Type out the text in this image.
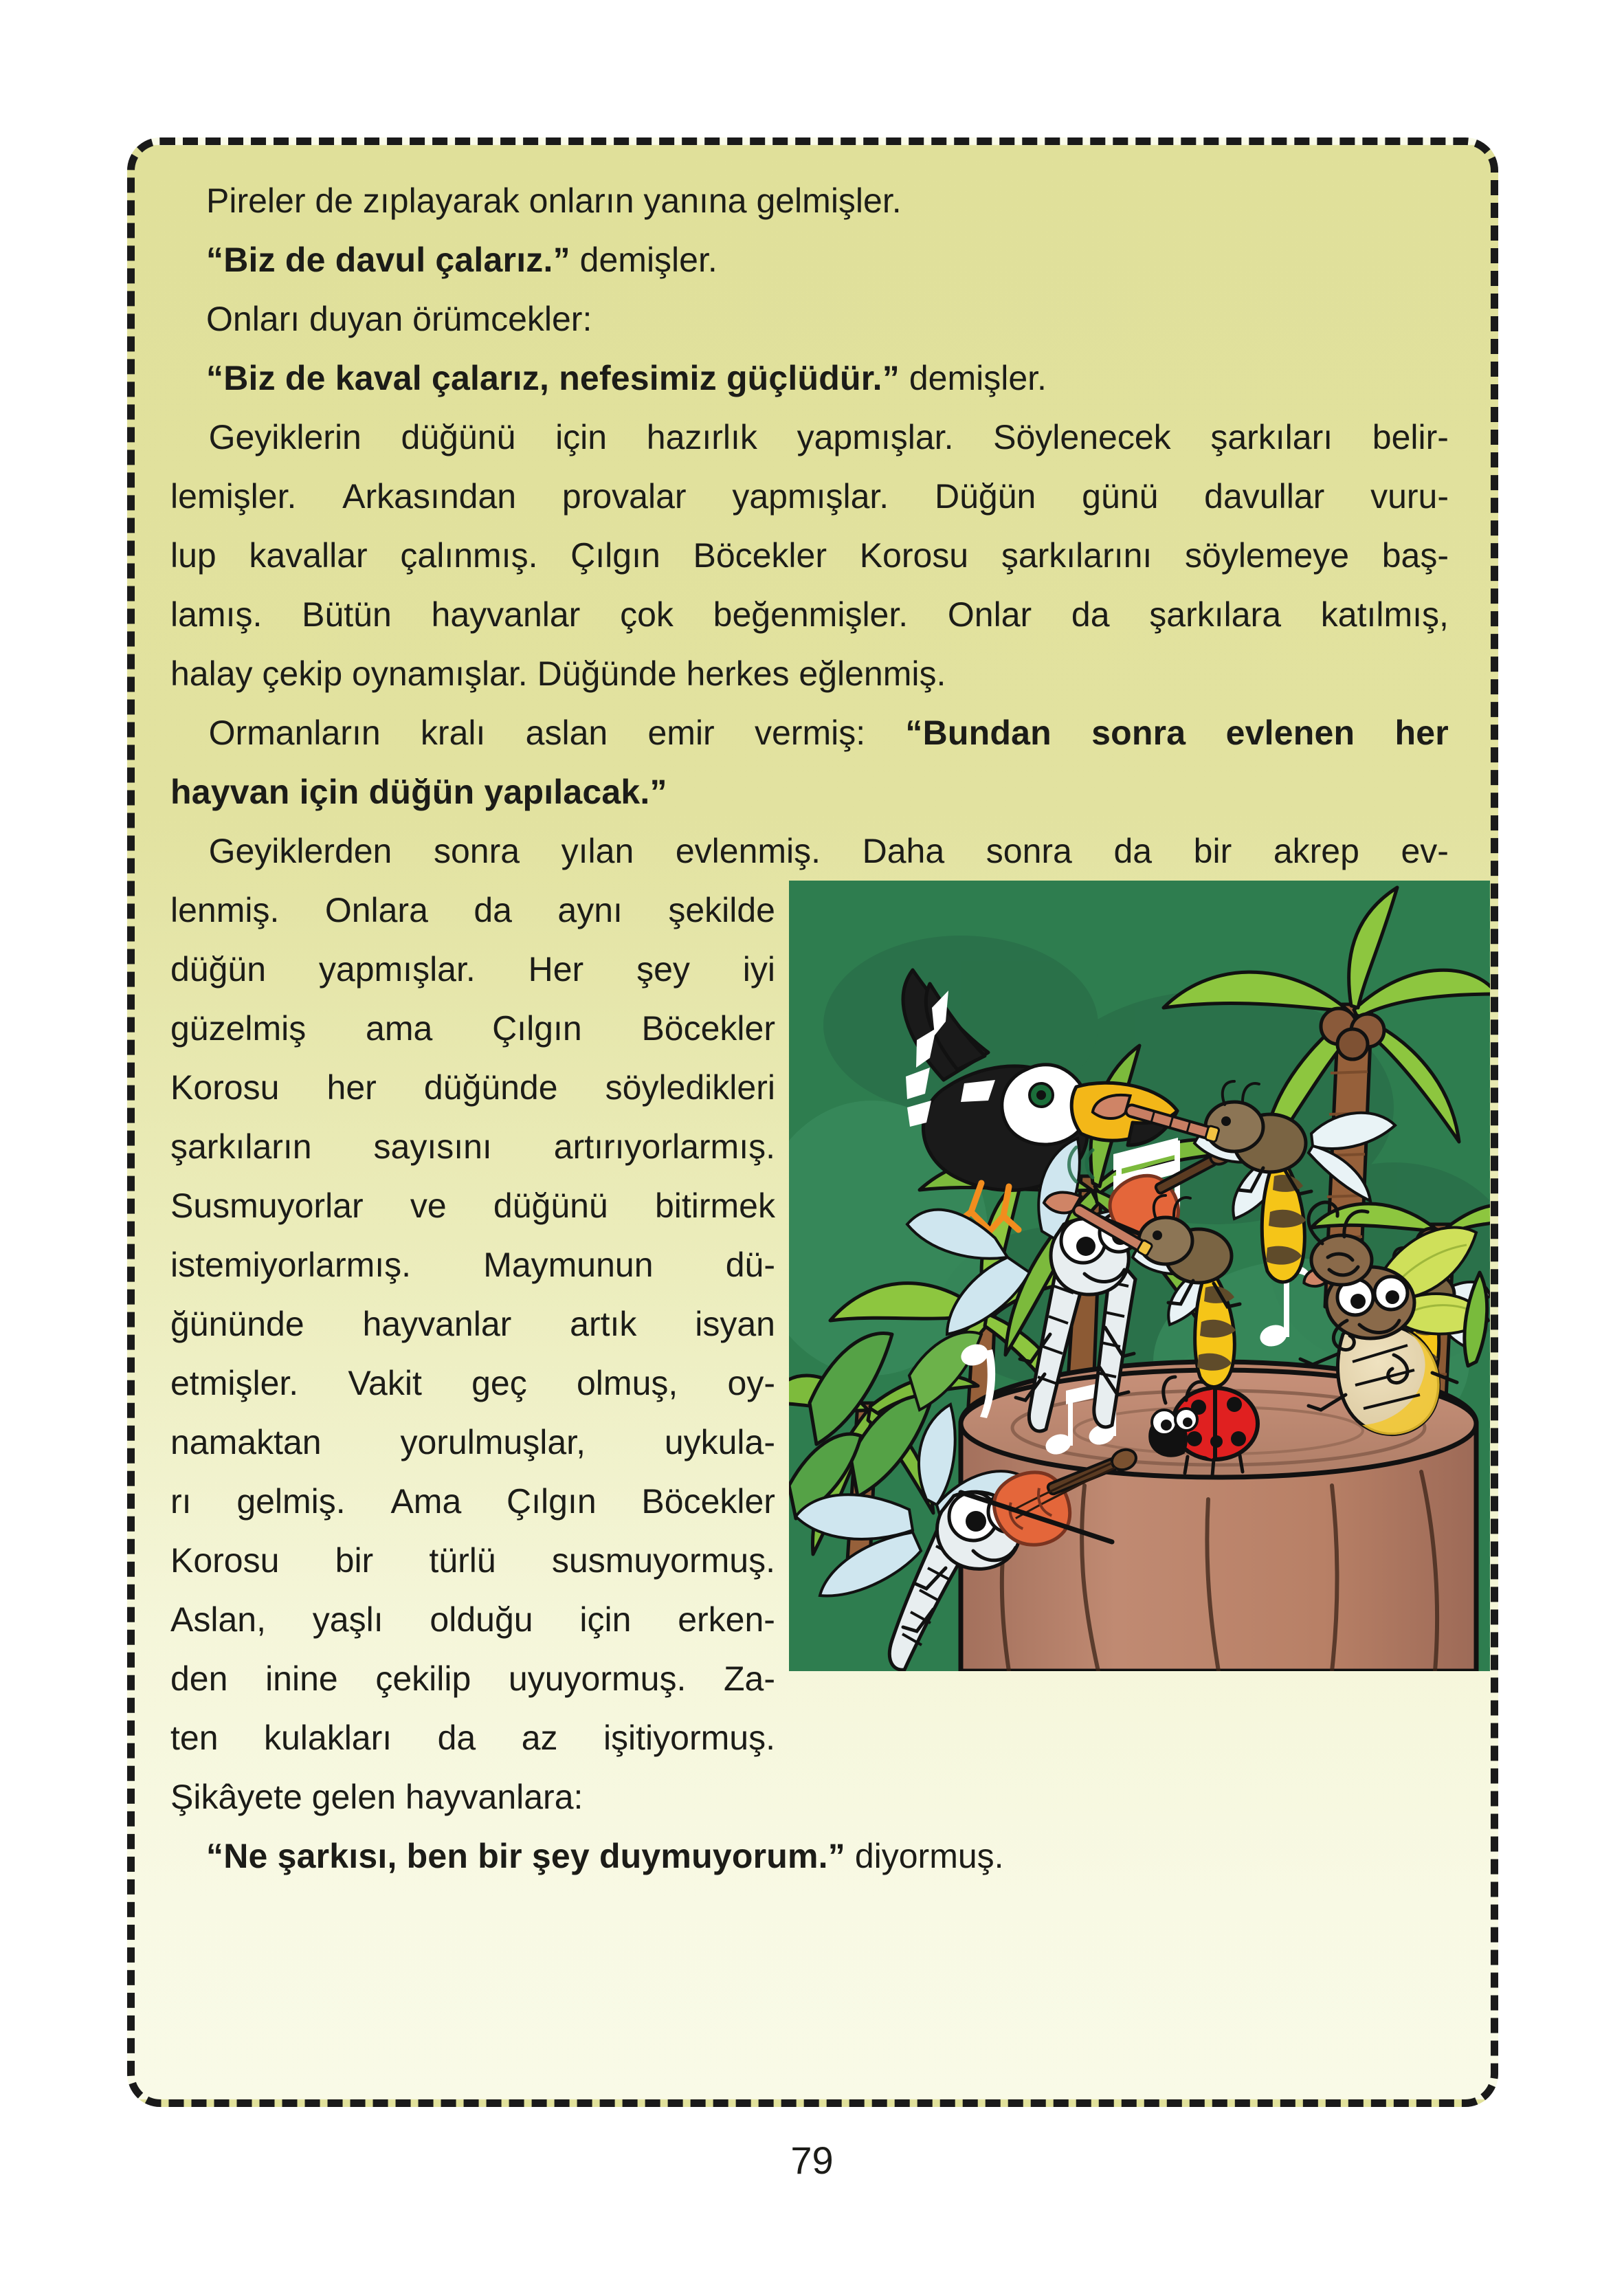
Pireler de zıplayarak onların yanına gelmişler.
“Biz de davul çalarız.” demişler.
Onları duyan örümcekler:
“Biz de kaval çalarız, nefesimiz güçlüdür.” demişler.
Geyiklerin düğünü için hazırlık yapmışlar. Söylenecek şarkıları belir-
lemişler. Arkasından provalar yapmışlar. Düğün günü davullar vuru-
lup kavallar çalınmış. Çılgın Böcekler Korosu şarkılarını söylemeye baş-
lamış. Bütün hayvanlar çok beğenmişler. Onlar da şarkılara katılmış,
halay çekip oynamışlar. Düğünde herkes eğlenmiş.
Ormanların kralı aslan emir vermiş: “Bundan sonra evlenen her
hayvan için düğün yapılacak.”
Geyiklerden sonra yılan evlenmiş. Daha sonra da bir akrep ev-
lenmiş. Onlara da aynı şekilde
düğün yapmışlar. Her şey iyi
güzelmiş ama Çılgın Böcekler
Korosu her düğünde söyledikleri
şarkıların sayısını artırıyorlarmış.
Susmuyorlar ve düğünü bitirmek
istemiyorlarmış. Maymunun dü-
ğününde hayvanlar artık isyan
etmişler. Vakit geç olmuş, oy-
namaktan yorulmuşlar, uykula-
rı gelmiş. Ama Çılgın Böcekler
Korosu bir türlü susmuyormuş.
Aslan, yaşlı olduğu için erken-
den inine çekilip uyuyormuş. Za-
ten kulakları da az işitiyormuş.
Şikâyete gelen hayvanlara:
“Ne şarkısı, ben bir şey duymuyorum.” diyormuş.
79
